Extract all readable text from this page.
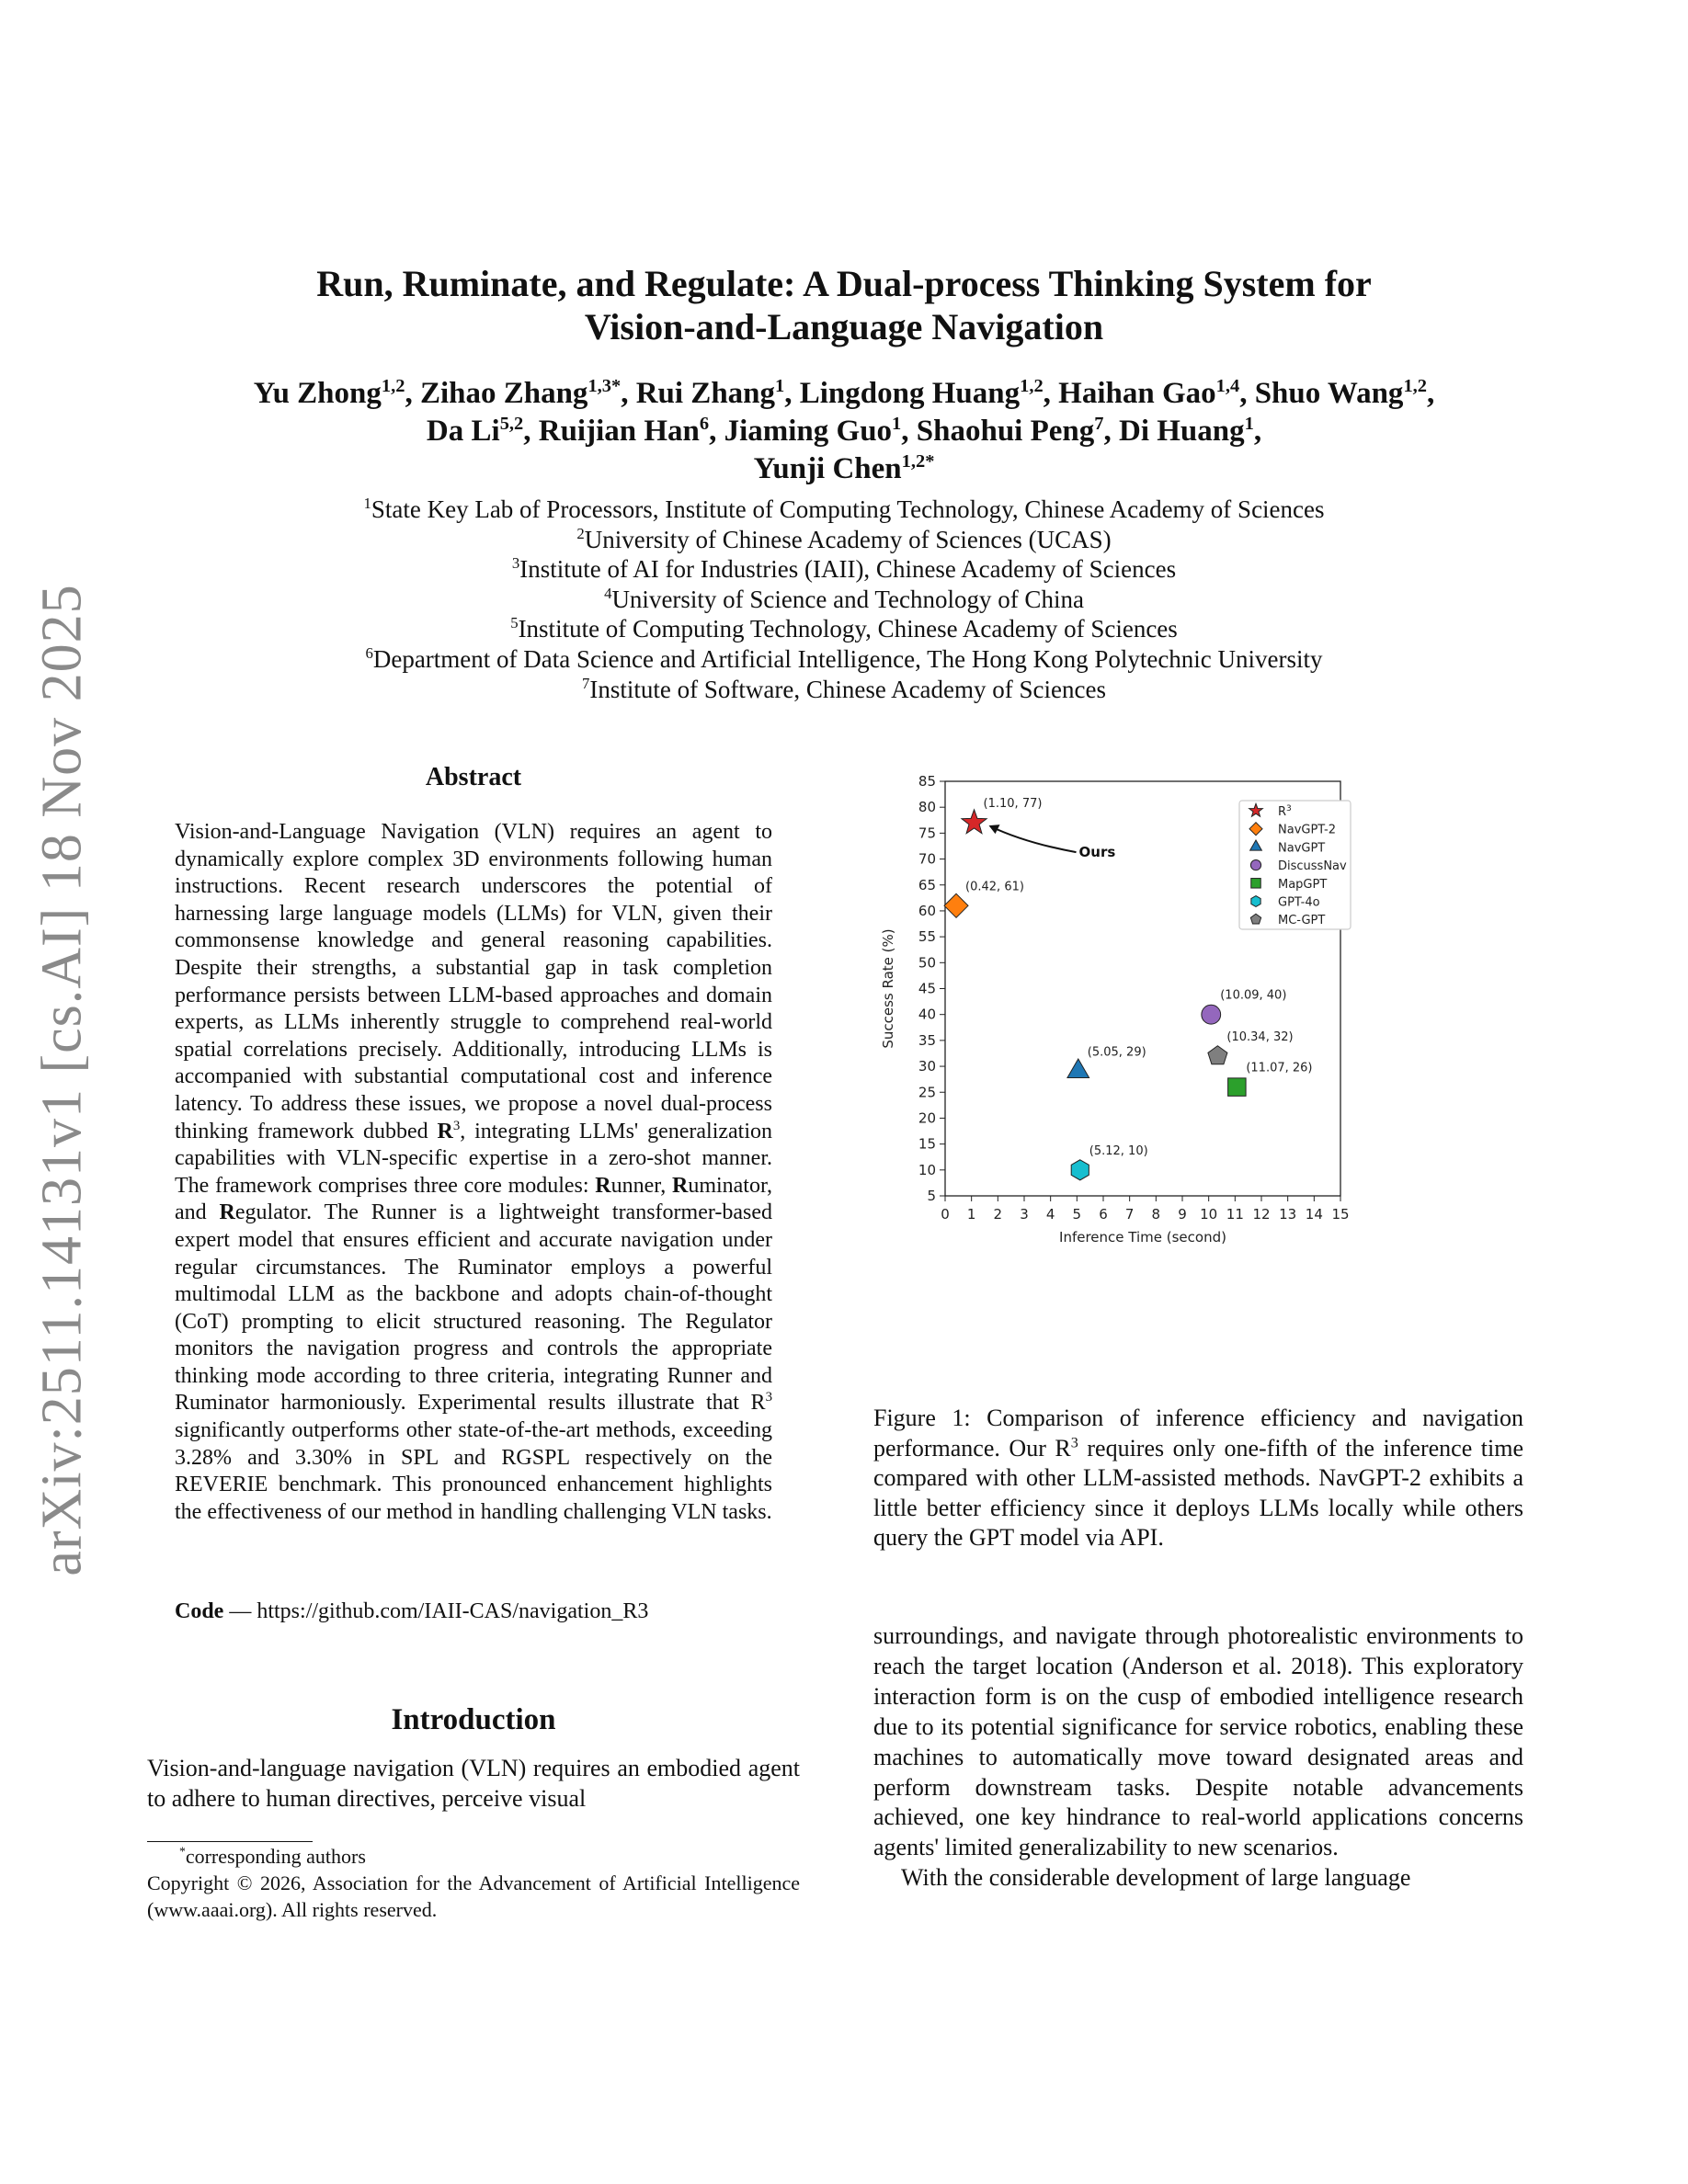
arXiv:2511.14131v1 [cs.AI] 18 Nov 2025
Run, Ruminate, and Regulate: A Dual-process Thinking System for
Vision-and-Language Navigation
Yu Zhong$^{1,2}$, Zihao Zhang$^{1,3*}$, Rui Zhang$^1$, Lingdong Huang$^{1,2}$, Haihan Gao$^{1,4}$, Shuo Wang$^{1,2}$,
Da Li$^{5,2}$, Ruijian Han$^6$, Jiaming Guo$^1$, Shaohui Peng$^7$, Di Huang$^1$,
Yunji Chen$^{1,2*}$
$^1$State Key Lab of Processors, Institute of Computing Technology, Chinese Academy of Sciences
$^2$University of Chinese Academy of Sciences (UCAS)
$^3$Institute of AI for Industries (IAII), Chinese Academy of Sciences
$^4$University of Science and Technology of China
$^5$Institute of Computing Technology, Chinese Academy of Sciences
$^6$Department of Data Science and Artificial Intelligence, The Hong Kong Polytechnic University
$^7$Institute of Software, Chinese Academy of Sciences
Abstract
Vision-and-Language Navigation (VLN) requires an agent to dynamically explore complex 3D environments following human instructions. Recent research underscores the potential of harnessing large language models (LLMs) for VLN, given their commonsense knowledge and general reasoning capabilities. Despite their strengths, a substantial gap in task completion performance persists between LLM-based approaches and domain experts, as LLMs inherently struggle to comprehend real-world spatial correlations precisely. Additionally, introducing LLMs is accompanied with substantial computational cost and inference latency. To address these issues, we propose a novel dual-process thinking framework dubbed $R^3$, integrating LLMs' generalization capabilities with VLN-specific expertise in a zero-shot manner. The framework comprises three core modules: Runner, Ruminator, and Regulator. The Runner is a lightweight transformer-based expert model that ensures efficient and accurate navigation under regular circumstances. The Ruminator employs a powerful multimodal LLM as the backbone and adopts chain-of-thought (CoT) prompting to elicit structured reasoning. The Regulator monitors the navigation progress and controls the appropriate thinking mode according to three criteria, integrating Runner and Ruminator harmoniously. Experimental results illustrate that $R^3$ significantly outperforms other state-of-the-art methods, exceeding 3.28% and 3.30% in SPL and RGSPL respectively on the REVERIE benchmark. This pronounced enhancement highlights the effectiveness of our method in handling challenging VLN tasks.
Code — https://github.com/IAII-CAS/navigation_R3
Introduction
Vision-and-language navigation (VLN) requires an embodied agent to adhere to human directives, perceive visual
*corresponding authors
Copyright © 2026, Association for the Advancement of Artificial Intelligence (www.aaai.org). All rights reserved.
0 1 2 3 4 5 6 7 8 9 10 11 12 13 14 15
5
10
15
20
25
30
35
40
45
50
55
60
65
70
75
80
85
Inference Time (second)
Success Rate (%)
(1.10, 77)
(0.42, 61)
(5.05, 29)
(10.09, 40)
(11.07, 26)
(5.12, 10)
(10.34, 32)
Ours
$R^3$
NavGPT-2
NavGPT
DiscussNav
MapGPT
GPT-4o
MC-GPT
Figure 1: Comparison of inference efficiency and navigation performance. Our $R^3$ requires only one-fifth of the inference time compared with other LLM-assisted methods. NavGPT-2 exhibits a little better efficiency since it deploys LLMs locally while others query the GPT model via API.

surroundings, and navigate through photorealistic environments to reach the target location (Anderson et al. 2018). This exploratory interaction form is on the cusp of embodied intelligence research due to its potential significance for service robotics, enabling these machines to automatically move toward designated areas and perform downstream tasks. Despite notable advancements achieved, one key hindrance to real-world applications concerns agents' limited generalizability to new scenarios.

With the considerable development of large language
